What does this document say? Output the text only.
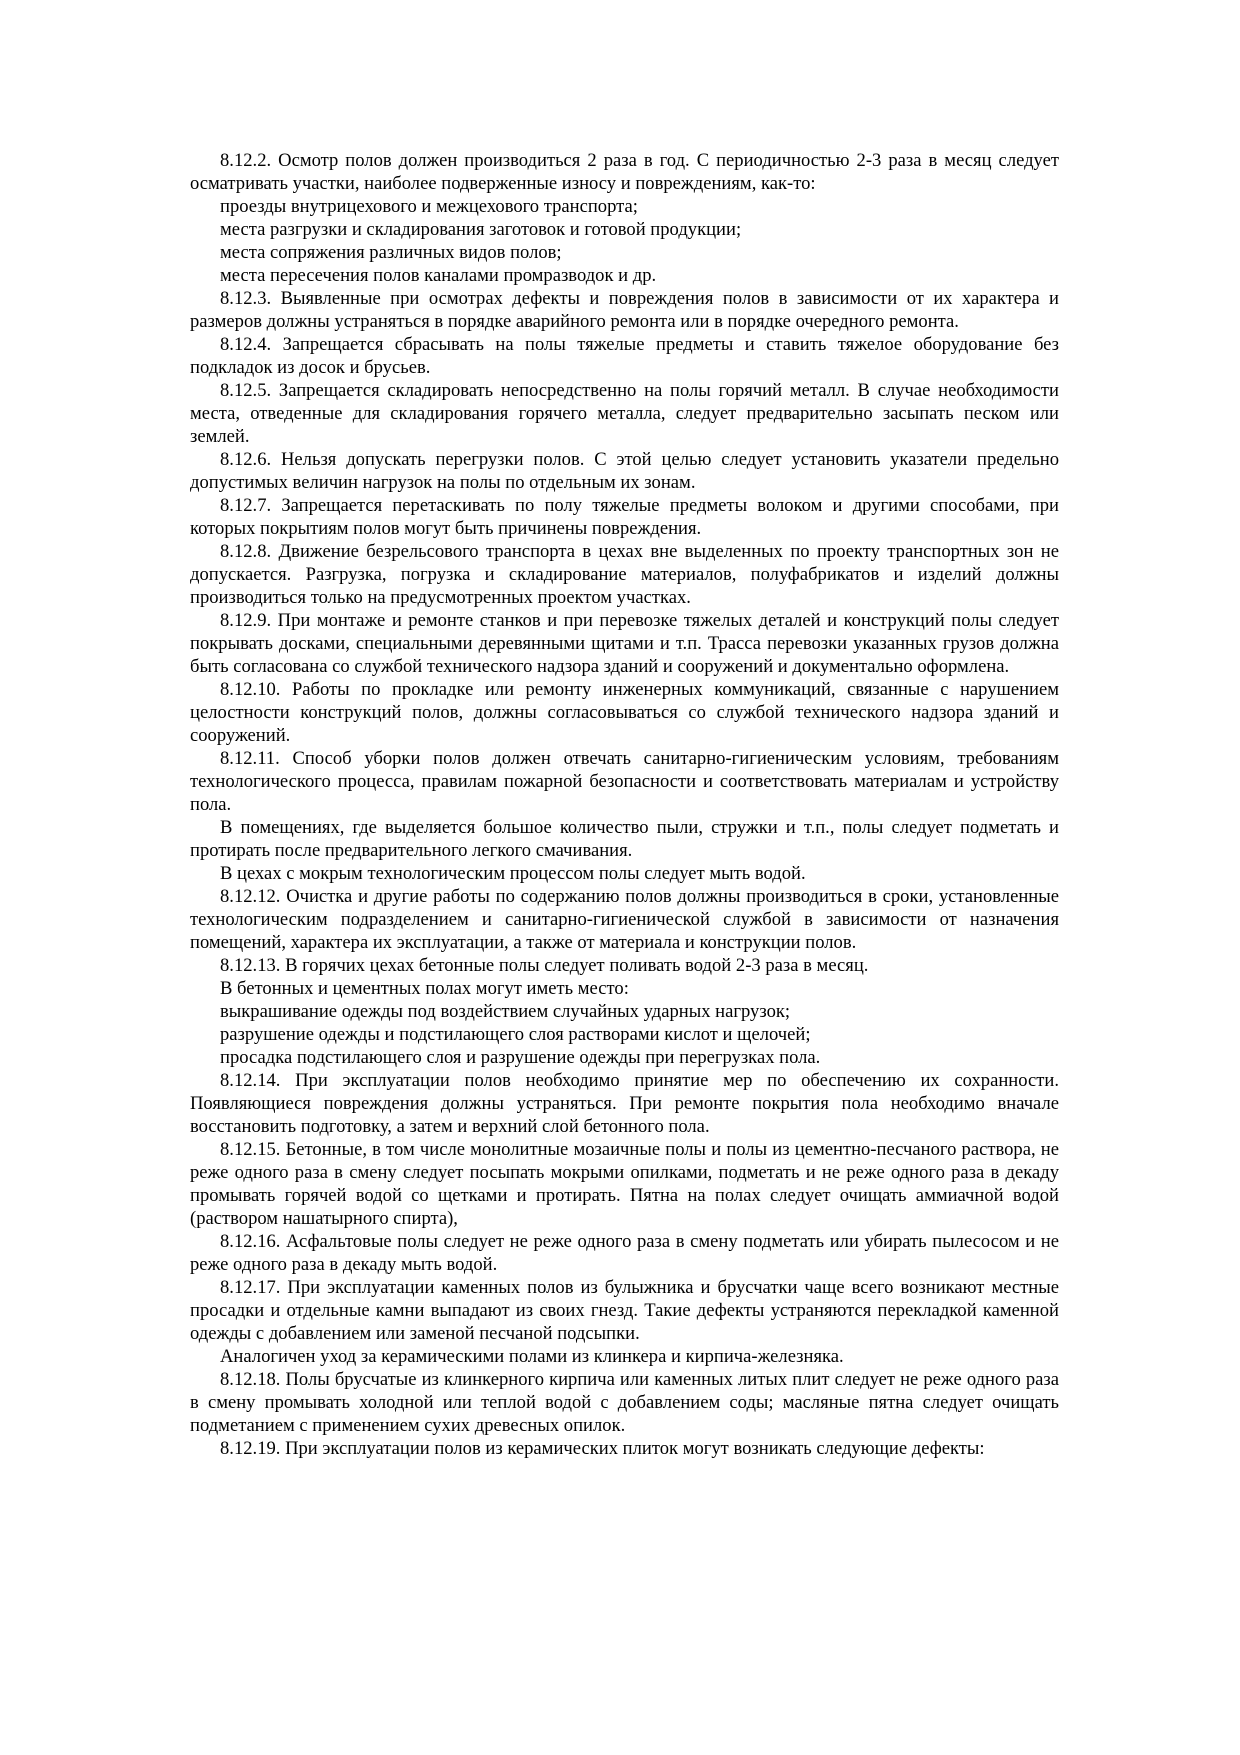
8.12.2. Осмотр полов должен производиться 2 раза в год. С периодичностью 2-3 раза в месяц следует осматривать участки, наиболее подверженные износу и повреждениям, как-то:

проезды внутрицехового и межцехового транспорта;

места разгрузки и складирования заготовок и готовой продукции;

места сопряжения различных видов полов;

места пересечения полов каналами промразводок и др.

8.12.3. Выявленные при осмотрах дефекты и повреждения полов в зависимости от их характера и размеров должны устраняться в порядке аварийного ремонта или в порядке очередного ремонта.

8.12.4. Запрещается сбрасывать на полы тяжелые предметы и ставить тяжелое оборудование без подкладок из досок и брусьев.

8.12.5. Запрещается складировать непосредственно на полы горячий металл. В случае необходимости места, отведенные для складирования горячего металла, следует предварительно засыпать песком или землей.

8.12.6. Нельзя допускать перегрузки полов. С этой целью следует установить указатели предельно допустимых величин нагрузок на полы по отдельным их зонам.

8.12.7. Запрещается перетаскивать по полу тяжелые предметы волоком и другими способами, при которых покрытиям полов могут быть причинены повреждения.

8.12.8. Движение безрельсового транспорта в цехах вне выделенных по проекту транспортных зон не допускается. Разгрузка, погрузка и складирование материалов, полуфабрикатов и изделий должны производиться только на предусмотренных проектом участках.

8.12.9. При монтаже и ремонте станков и при перевозке тяжелых деталей и конструкций полы следует покрывать досками, специальными деревянными щитами и т.п. Трасса перевозки указанных грузов должна быть согласована со службой технического надзора зданий и сооружений и документально оформлена.

8.12.10. Работы по прокладке или ремонту инженерных коммуникаций, связанные с нарушением целостности конструкций полов, должны согласовываться со службой технического надзора зданий и сооружений.

8.12.11. Способ уборки полов должен отвечать санитарно-гигиеническим условиям, требованиям технологического процесса, правилам пожарной безопасности и соответствовать материалам и устройству пола.

В помещениях, где выделяется большое количество пыли, стружки и т.п., полы следует подметать и протирать после предварительного легкого смачивания.

В цехах с мокрым технологическим процессом полы следует мыть водой.

8.12.12. Очистка и другие работы по содержанию полов должны производиться в сроки, установленные технологическим подразделением и санитарно-гигиенической службой в зависимости от назначения помещений, характера их эксплуатации, а также от материала и конструкции полов.

8.12.13. В горячих цехах бетонные полы следует поливать водой 2-3 раза в месяц.

В бетонных и цементных полах могут иметь место:

выкрашивание одежды под воздействием случайных ударных нагрузок;

разрушение одежды и подстилающего слоя растворами кислот и щелочей;

просадка подстилающего слоя и разрушение одежды при перегрузках пола.

8.12.14. При эксплуатации полов необходимо принятие мер по обеспечению их сохранности. Появляющиеся повреждения должны устраняться. При ремонте покрытия пола необходимо вначале восстановить подготовку, а затем и верхний слой бетонного пола.

8.12.15. Бетонные, в том числе монолитные мозаичные полы и полы из цементно-песчаного раствора, не реже одного раза в смену следует посыпать мокрыми опилками, подметать и не реже одного раза в декаду промывать горячей водой со щетками и протирать. Пятна на полах следует очищать аммиачной водой (раствором нашатырного спирта),

8.12.16. Асфальтовые полы следует не реже одного раза в смену подметать или убирать пылесосом и не реже одного раза в декаду мыть водой.

8.12.17. При эксплуатации каменных полов из булыжника и брусчатки чаще всего возникают местные просадки и отдельные камни выпадают из своих гнезд. Такие дефекты устраняются перекладкой каменной одежды с добавлением или заменой песчаной подсыпки.

Аналогичен уход за керамическими полами из клинкера и кирпича-железняка.

8.12.18. Полы брусчатые из клинкерного кирпича или каменных литых плит следует не реже одного раза в смену промывать холодной или теплой водой с добавлением соды; масляные пятна следует очищать подметанием с применением сухих древесных опилок.

8.12.19. При эксплуатации полов из керамических плиток могут возникать следующие дефекты:
